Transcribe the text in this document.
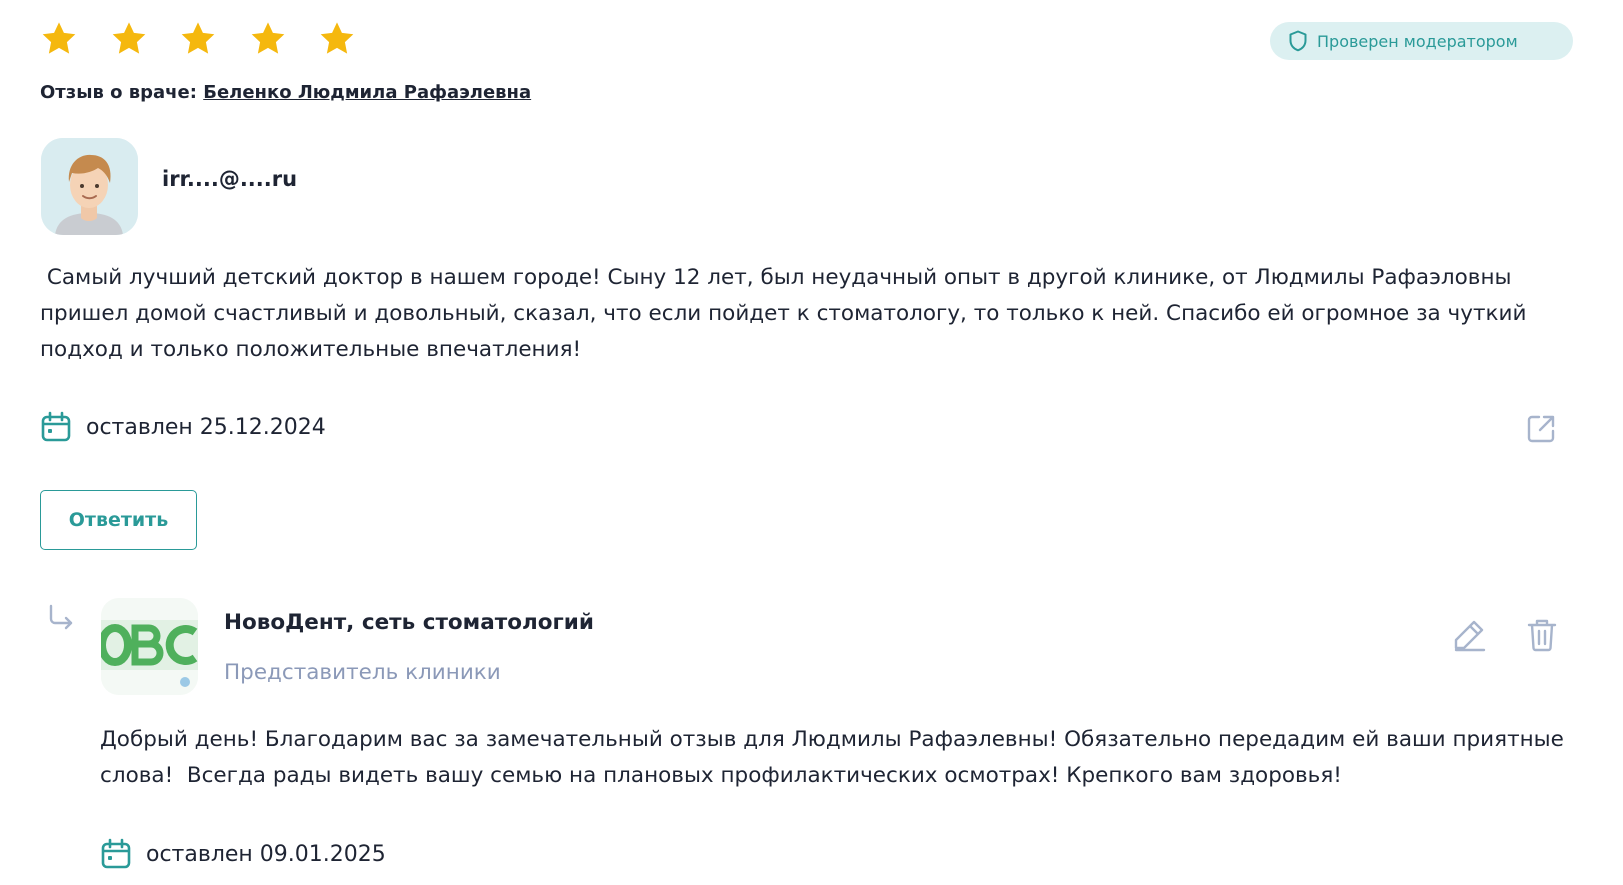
Проверен модератором
Отзыв о враче: Беленко Людмила Рафаэлевна
irr....@....ru
Самый лучший детский доктор в нашем городе! Сыну 12 лет, был неудачный опыт в другой клинике, от Людмилы Рафаэловны пришел домой счастливый и довольный, сказал, что если пойдет к стоматологу, то только к ней. Спасибо ей огромное за чуткий подход и только положительные впечатления!
оставлен 25.12.2024
Ответить
НовоДент, сеть стоматологий
Представитель клиники
Добрый день! Благодарим вас за замечательный отзыв для Людмилы Рафаэлевны! Обязательно передадим ей ваши приятные слова!  Всегда рады видеть вашу семью на плановых профилактических осмотрах! Крепкого вам здоровья!
оставлен 09.01.2025
